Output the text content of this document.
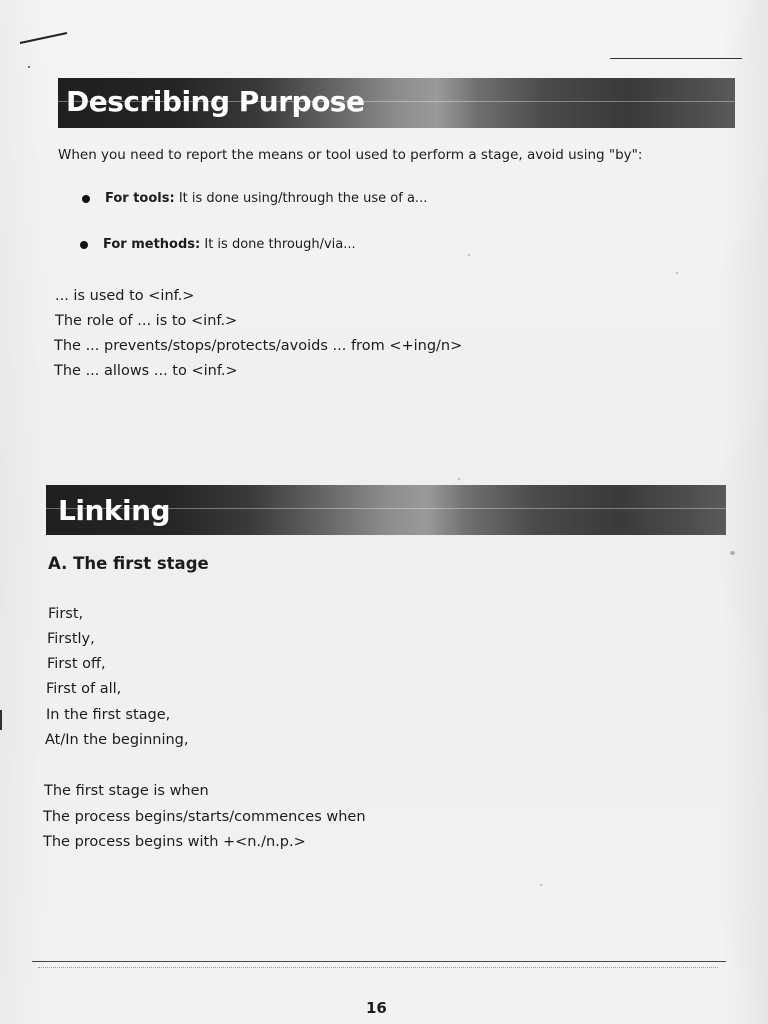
Describing Purpose
When you need to report the means or tool used to perform a stage, avoid using "by":
For tools: It is done using/through the use of a...
For methods: It is done through/via...
... is used to <inf.>
The role of ... is to <inf.>
The ... prevents/stops/protects/avoids ... from <+ing/n>
The ... allows ... to <inf.>
Linking
A. The first stage
First,
Firstly,
First off,
First of all,
In the first stage,
At/In the beginning,
The first stage is when
The process begins/starts/commences when
The process begins with +<n./n.p.>
16
